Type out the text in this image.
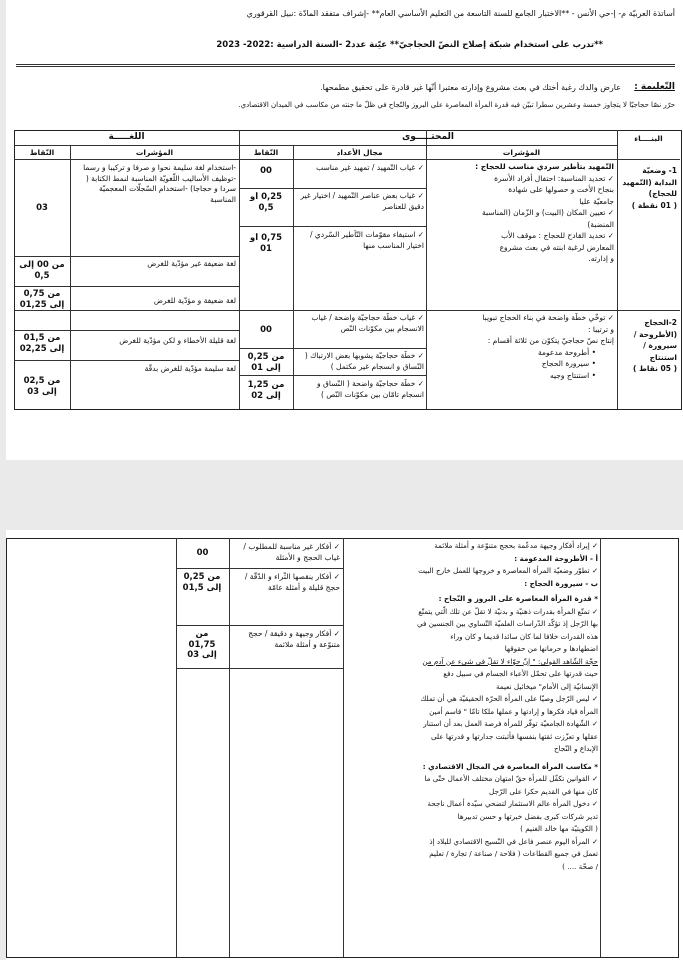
أساتذة العربيّة م- إ-حي الأنس - **الاختبار الجامع للسنة التاسعة من التعليم الأساسي العام** -إشراف متفقد المادّة :نبيل القرقوري
**تدرب على استخدام شبكة إصلاح النصّ الحجاجيّ** عيّنة عدد2 -السنة الدراسية :2022- 2023
التّعليمة :
عارض والدك رغبة أختك في بعث مشروع وإدارته معتبرا أنّها غير قادرة على تحقيق مطمحها.
حرّر نصّا حجاجيّا لا يتجاوز خمسة وعشرين سطرا تبيّن فيه قدرة المرأة المعاصرة على البروز والنّجاح في ظلّ ما جنته من مكاسب في الميدان الاقتصادي.
البنــــاء
المحتـــــوى
اللّغـــــة
المؤشرات
مجال الأعداد
النّقاط
المؤشرات
النّقاط
1- وضعيّة
البداية (التّمهيد
للحجاج)
( 01 نقطة )
التّمهيد بتأطير سردي مناسب للحجاج :
✓ تحديد المناسبة: احتفال أفراد الأسرة
بنجاح الأخت و حصولها على شهادة
جامعيّة عليا
✓ تعيين المكان (البيت) و الزّمان (المناسبة
المنضبة)
✓ تحديد القادح للحجاج : موقف الأب
المعارض لرغبة ابنته في بعث مشروع
و إدارته.
✓ غياب التّمهيد / تمهيد غير مناسب
00
✓ غياب بعض عناصر التّمهيد / اختيار غير دقيق للعناصر
0,25 أو 0,5
✓ استيفاء مقوّمات التّأطير السّردي / اختيار المناسب منها
0,75 أو 01
-استخدام لغة سليمة نحوا و صرفا و تركيبا و رسما -توظيف الأساليب اللّغويّة المناسبة لنمط الكتابة ( سردا و حجاجا) -استخدام السّجلّات المعجميّة المناسبة
03
لغة ضعيفة غير مؤدّية للغرض
من 00 إلى 0,5
لغة ضعيفة و مؤدّية للغرض
من 0,75 إلى 01,25
لغة قليلة الأخطاء و لكن مؤدّية للغرض
من 01,5 إلى 02,25
لغة سليمة مؤدّية للغرض بدقّة
من 02,5 إلى 03
2-الحجاج
(الأطروحة /
سيرورة /
استنتاج
( 05 نقاط )
✓ توخّي خطّة واضحة في بناء الحجاج تبويبا
و ترتيبا :
إنتاج نصّ حجاجيّ يتكوّن من ثلاثة أقسام :
• أطروحة مدعومة
• سيرورة الحجاج
• استنتاج وجيه
✓ غياب خطّة حجاجيّة واضحة / غياب الانسجام بين مكوّنات النّص
00
✓ خطّة حجاجيّة يشوبها بعض الارتباك ( النّساق و انسجام غير مكتمل )
من 0,25 إلى 01
✓ خطّة حجاجيّة واضحة ( النّساق و انسجام تامّان بين مكوّنات النّص )
من 1,25 إلى 02
✓ إيراد أفكار وجيهة مدعّمة بحجج متنوّعة و أمثلة ملائمة
أ - الأطروحة المدعومة :
✓ تطوّر وضعيّة المرأة المعاصرة و خروجها للعمل خارج البيت
ب - سيرورة الحجاج :
* قدرة المرأة المعاصرة على البروز و النّجاح :
✓ تمتّع المرأة بقدرات ذهنيّة و بدنيّة لا تقلّ عن تلك الّتي يتمتّع
بها الرّجل إذ تؤكّد الدّراسات العلميّة التّساوي بين الجنسين في
هذه القدرات خلافا لما كان سائدا قديما و كان وراء
اضطهادها و حرمانها من حقوقها
حجّة الشّاهد القولي: " إنّ حوّاء لا تقلّ في شيء عن آدم من
حيث قدرتها على تحمّل الأعباء الجسام في سبيل دفع
الإنسانيّة إلى الأمام" ميخائيل نعيمة
✓ ليس الرّجل وصيّا على المرأة الحرّة الحقيقيّة هي أن تملك
المرأة قياد فكرها و إرادتها و عملها ملكا تامّا " قاسم أمين
✓ الشّهادة الجامعيّة توفّر للمرأة فرصة العمل بعد أن استنار
عقلها و تعزّزت ثقتها بنفسها فأثبتت جدارتها و قدرتها على
الإبداع و النّجاح
* مكاسب المرأة المعاصرة في المجال الاقتصادي :
✓ القوانين تكفّل للمرأة حقّ امتهان مختلف الأعمال حتّى ما
كان منها في القديم حكرا على الرّجل
✓ دخول المرأة عالم الاستثمار لتضحي سيّدة أعمال ناجحة
تدير شركات كبرى بفضل خبرتها و حسن تدبيرها
( الكويتيّة مها خالد الغنيم )
✓ المرأة اليوم عنصر فاعل في النّسيج الاقتصادي للبلاد إذ
تعمل في جميع القطاعات ( فلاحة / صناعة / تجارة / تعليم
/ صحّة .... )
✓ أفكار غير مناسبة للمطلوب / غياب الحجج و الأمثلة
00
✓ أفكار ينقصها الثّراء و الدّقّة / حجج قليلة و أمثلة عامّة
من 0,25 إلى 01,5
✓ أفكار وجيهة و دقيقة / حجج متنوّعة و أمثلة ملائمة
من 01,75 إلى 03
